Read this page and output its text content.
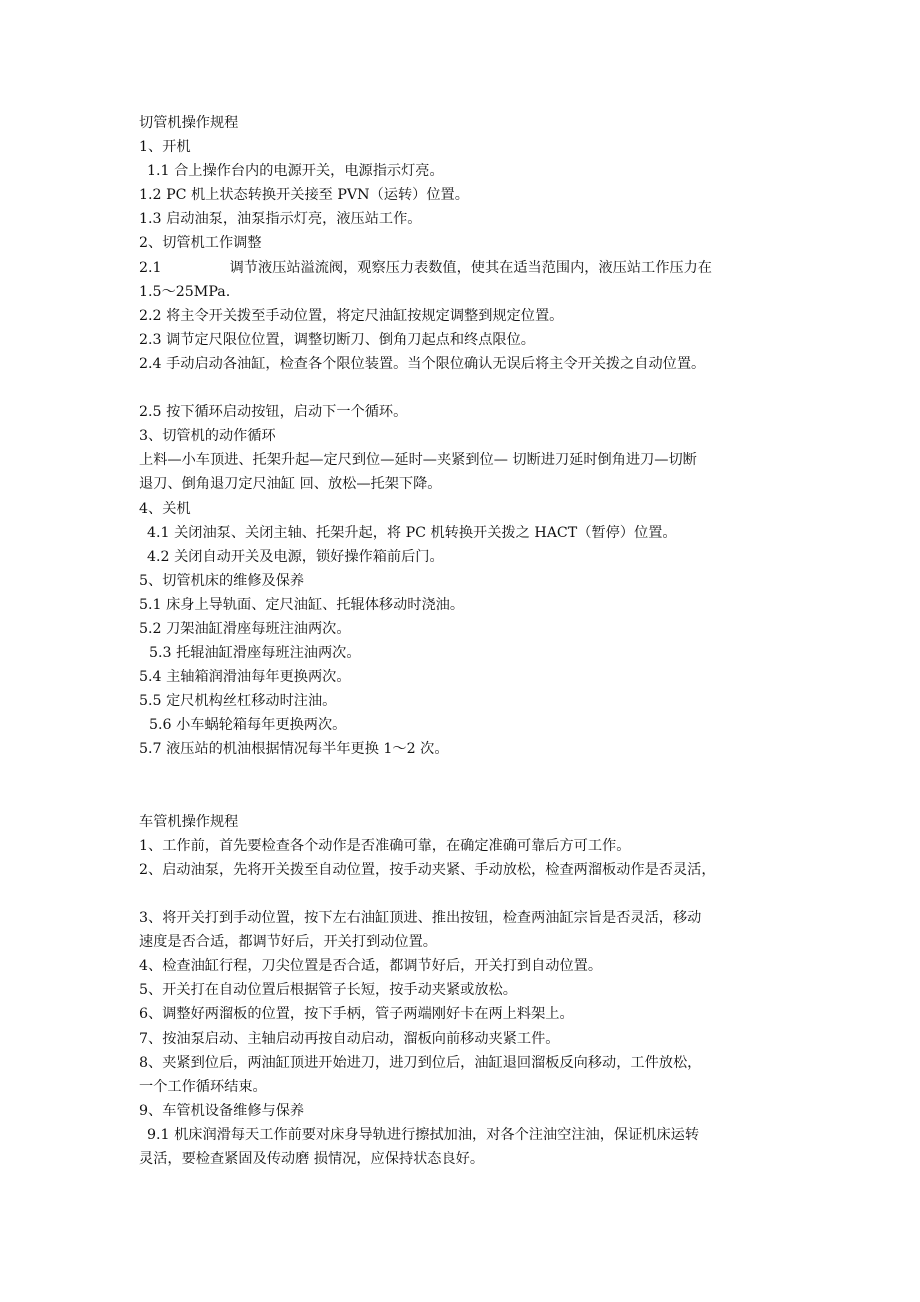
切管机操作规程
1、开机
1.1 合上操作台内的电源开关，电源指示灯亮。
1.2 PC 机上状态转换开关接至 PVN（运转）位置。
1.3 启动油泵，油泵指示灯亮，液压站工作。
2、切管机工作调整
2.1	调节液压站溢流阀，观察压力表数值，使其在适当范围内，液压站工作压力在
1.5～25MPa.
2.2 将主令开关拨至手动位置，将定尺油缸按规定调整到规定位置。
2.3 调节定尺限位位置，调整切断刀、倒角刀起点和终点限位。
2.4 手动启动各油缸，检查各个限位装置。当个限位确认无误后将主令开关拨之自动位置。
2.5 按下循环启动按钮，启动下一个循环。
3、切管机的动作循环
上料—小车顶进、托架升起—定尺到位—延时—夹紧到位— 切断进刀延时倒角进刀—切断
退刀、倒角退刀定尺油缸 回、放松—托架下降。
4、关机
4.1 关闭油泵、关闭主轴、托架升起，将 PC 机转换开关拨之 HACT（暂停）位置。
4.2 关闭自动开关及电源，锁好操作箱前后门。
5、切管机床的维修及保养
5.1 床身上导轨面、定尺油缸、托辊体移动时浇油。
5.2 刀架油缸滑座每班注油两次。
5.3 托辊油缸滑座每班注油两次。
5.4 主轴箱润滑油每年更换两次。
5.5 定尺机构丝杠移动时注油。
5.6 小车蜗轮箱每年更换两次。
5.7 液压站的机油根据情况每半年更换 1～2 次。
车管机操作规程
1、工作前，首先要检查各个动作是否准确可靠，在确定准确可靠后方可工作。
2、启动油泵，先将开关拨至自动位置，按手动夹紧、手动放松，检查两溜板动作是否灵活，
3、将开关打到手动位置，按下左右油缸顶进、推出按钮，检查两油缸宗旨是否灵活，移动
速度是否合适，都调节好后，开关打到动位置。
4、检查油缸行程，刀尖位置是否合适，都调节好后，开关打到自动位置。
5、开关打在自动位置后根据管子长短，按手动夹紧或放松。
6、调整好两溜板的位置，按下手柄，管子两端刚好卡在两上料架上。
7、按油泵启动、主轴启动再按自动启动，溜板向前移动夹紧工件。
8、夹紧到位后，两油缸顶进开始进刀，进刀到位后，油缸退回溜板反向移动，工件放松，
一个工作循环结束。
9、车管机设备维修与保养
9.1 机床润滑每天工作前要对床身导轨进行擦拭加油，对各个注油空注油，保证机床运转
灵活，要检查紧固及传动磨 损情况，应保持状态良好。
